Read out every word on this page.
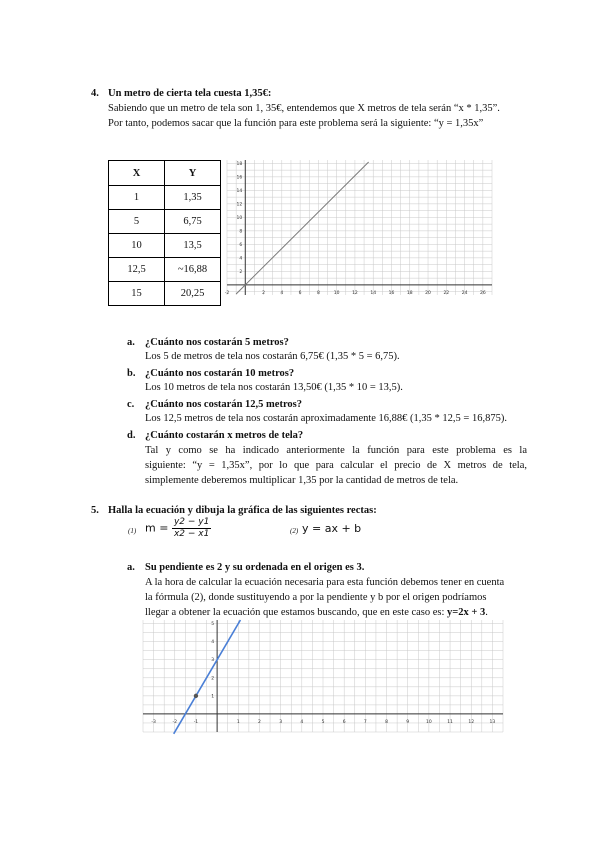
4. Un metro de cierta tela cuesta 1,35€:
Sabiendo que un metro de tela son 1, 35€, entendemos que X metros de tela serán “x * 1,35”.
Por tanto, podemos sacar que la función para este problema será la siguiente: “y = 1,35x”
X	Y
1	1,35
5	6,75
10	13,5
12,5	~16,88
15	20,25	-2	2	4	6	8	10	12	14	16	18	20	22	24	26
18
16
14
12
10
8
6
4
2
a. ¿Cuánto nos costarán 5 metros?
Los 5 de metros de tela nos costarán 6,75€ (1,35 * 5 = 6,75).
b. ¿Cuánto nos costarán 10 metros?
Los 10 metros de tela nos costarán 13,50€ (1,35 * 10 = 13,5).
c. ¿Cuánto nos costarán 12,5 metros?
Los 12,5 metros de tela nos costarán aproximadamente 16,88€ (1,35 * 12,5 = 16,875).
d. ¿Cuánto costarán x metros de tela?
Tal y como se ha indicado anteriormente la función para este problema es la
siguiente: “y = 1,35x”, por lo que para calcular el precio de X metros de tela,
simplemente deberemos multiplicar 1,35 por la cantidad de metros de tela.
5. Halla la ecuación y dibuja la gráfica de las siguientes rectas:
(1) $m = \frac{y2 - y1}{x2 - x1}$	(2) y = ax + b
a. Su pendiente es 2 y su ordenada en el origen es 3.
A la hora de calcular la ecuación necesaria para esta función debemos tener en cuenta
la fórmula (2), donde sustituyendo a por la pendiente y b por el origen podríamos
llegar a obtener la ecuación que estamos buscando, que en este caso es: y=2x + 3.
-3	-2	-1	1	2	3	4	5	6	7	8	9	10	11	12	13
5
4
3
2
1
